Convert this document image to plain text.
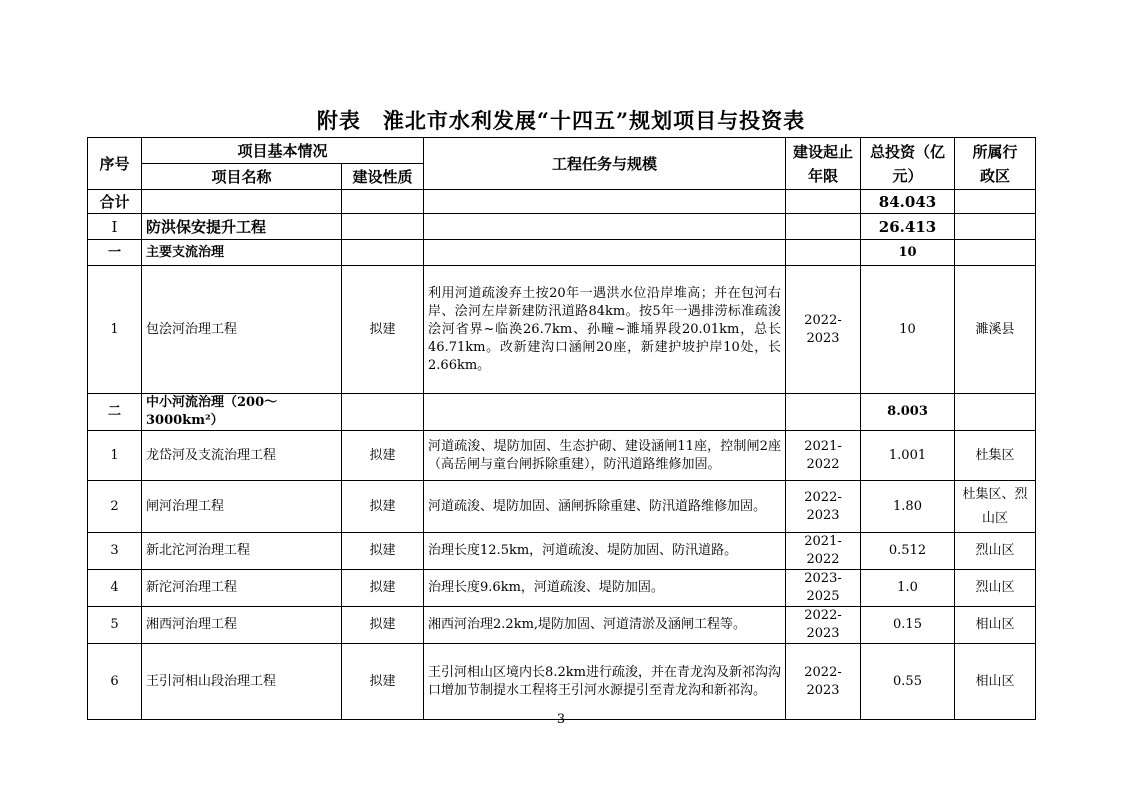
附表　淮北市水利发展“十四五”规划项目与投资表
序号	项目基本情况		工程任务与规模	建设起止年限	总投资（亿元）	所属行政区
	项目名称	建设性质				
合计					84.043	
Ⅰ	防洪保安提升工程				26.413	
一	主要支流治理				10	
1	包浍河治理工程	拟建	利用河道疏浚弃土按20年一遇洪水位沿岸堆高；并在包河右岸、浍河左岸新建防汛道路84km。按5年一遇排涝标准疏浚浍河省界~临涣26.7km、孙疃~濉埇界段20.01km，总长46.71km。改新建沟口涵闸20座，新建护坡护岸10处，长2.66km。	2022-2023	10	濉溪县
二	中小河流治理（200～3000km²）				8.003	
1	龙岱河及支流治理工程	拟建	河道疏浚、堤防加固、生态护砌、建设涵闸11座，控制闸2座（高岳闸与童台闸拆除重建），防汛道路维修加固。	2021-2022	1.001	杜集区
2	闸河治理工程	拟建	河道疏浚、堤防加固、涵闸拆除重建、防汛道路维修加固。	2022-2023	1.80	杜集区、烈山区
3	新北沱河治理工程	拟建	治理长度12.5km，河道疏浚、堤防加固、防汛道路。	2021-2022	0.512	烈山区
4	新沱河治理工程	拟建	治理长度9.6km，河道疏浚、堤防加固。	2023-2025	1.0	烈山区
5	湘西河治理工程	拟建	湘西河治理2.2km,堤防加固、河道清淤及涵闸工程等。	2022-2023	0.15	相山区
6	王引河相山段治理工程	拟建	王引河相山区境内长8.2km进行疏浚，并在青龙沟及新祁沟沟口增加节制提水工程将王引河水源提引至青龙沟和新祁沟。	2022-2023	0.55	相山区
3
